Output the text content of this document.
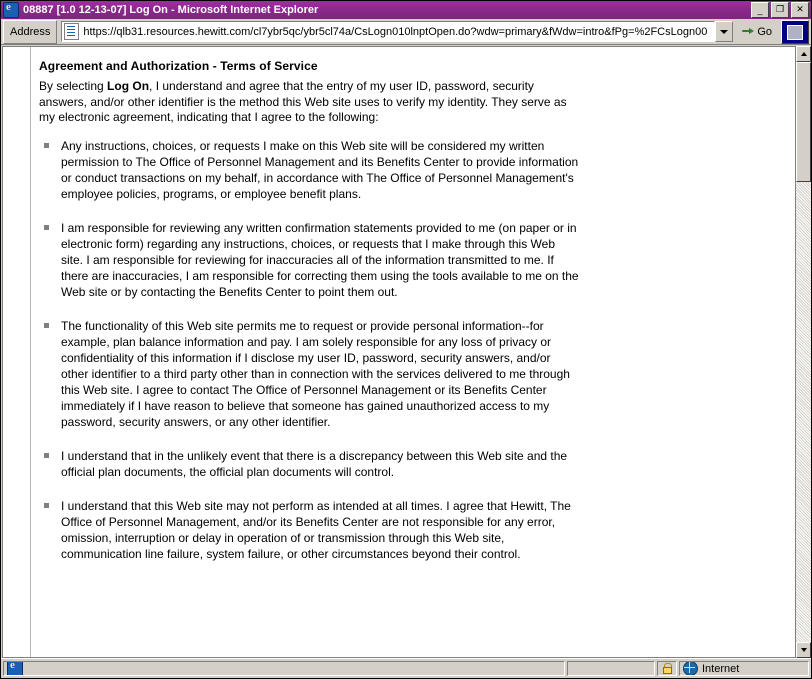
e
08887 [1.0 12-13-07] Log On - Microsoft Internet Explorer	_	❐	✕
Address	https://qlb31.resources.hewitt.com/cl7ybr5qc/ybr5cl74a/CsLogn010lnptOpen.do?wdw=primary&fWdw=intro&fPg=%2FCsLogn00	Go
Agreement and Authorization - Terms of Service

By selecting Log On, I understand and agree that the entry of my user ID, password, security answers, and/or other identifier is the method this Web site uses to verify my identity. They serve as my electronic agreement, indicating that I agree to the following:

Any instructions, choices, or requests I make on this Web site will be considered my written permission to The Office of Personnel Management and its Benefits Center to provide information or conduct transactions on my behalf, in accordance with The Office of Personnel Management's employee policies, programs, or employee benefit plans.
I am responsible for reviewing any written confirmation statements provided to me (on paper or in electronic form) regarding any instructions, choices, or requests that I make through this Web site. I am responsible for reviewing for inaccuracies all of the information transmitted to me. If there are inaccuracies, I am responsible for correcting them using the tools available to me on the Web site or by contacting the Benefits Center to point them out.
The functionality of this Web site permits me to request or provide personal information--for example, plan balance information and pay. I am solely responsible for any loss of privacy or confidentiality of this information if I disclose my user ID, password, security answers, and/or other identifier to a third party other than in connection with the services delivered to me through this Web site. I agree to contact The Office of Personnel Management or its Benefits Center immediately if I have reason to believe that someone has gained unauthorized access to my password, security answers, or any other identifier.
I understand that in the unlikely event that there is a discrepancy between this Web site and the official plan documents, the official plan documents will control.
I understand that this Web site may not perform as intended at all times. I agree that Hewitt, The Office of Personnel Management, and/or its Benefits Center are not responsible for any error, omission, interruption or delay in operation of or transmission through this Web site, communication line failure, system failure, or other circumstances beyond their control.
e
Internet
